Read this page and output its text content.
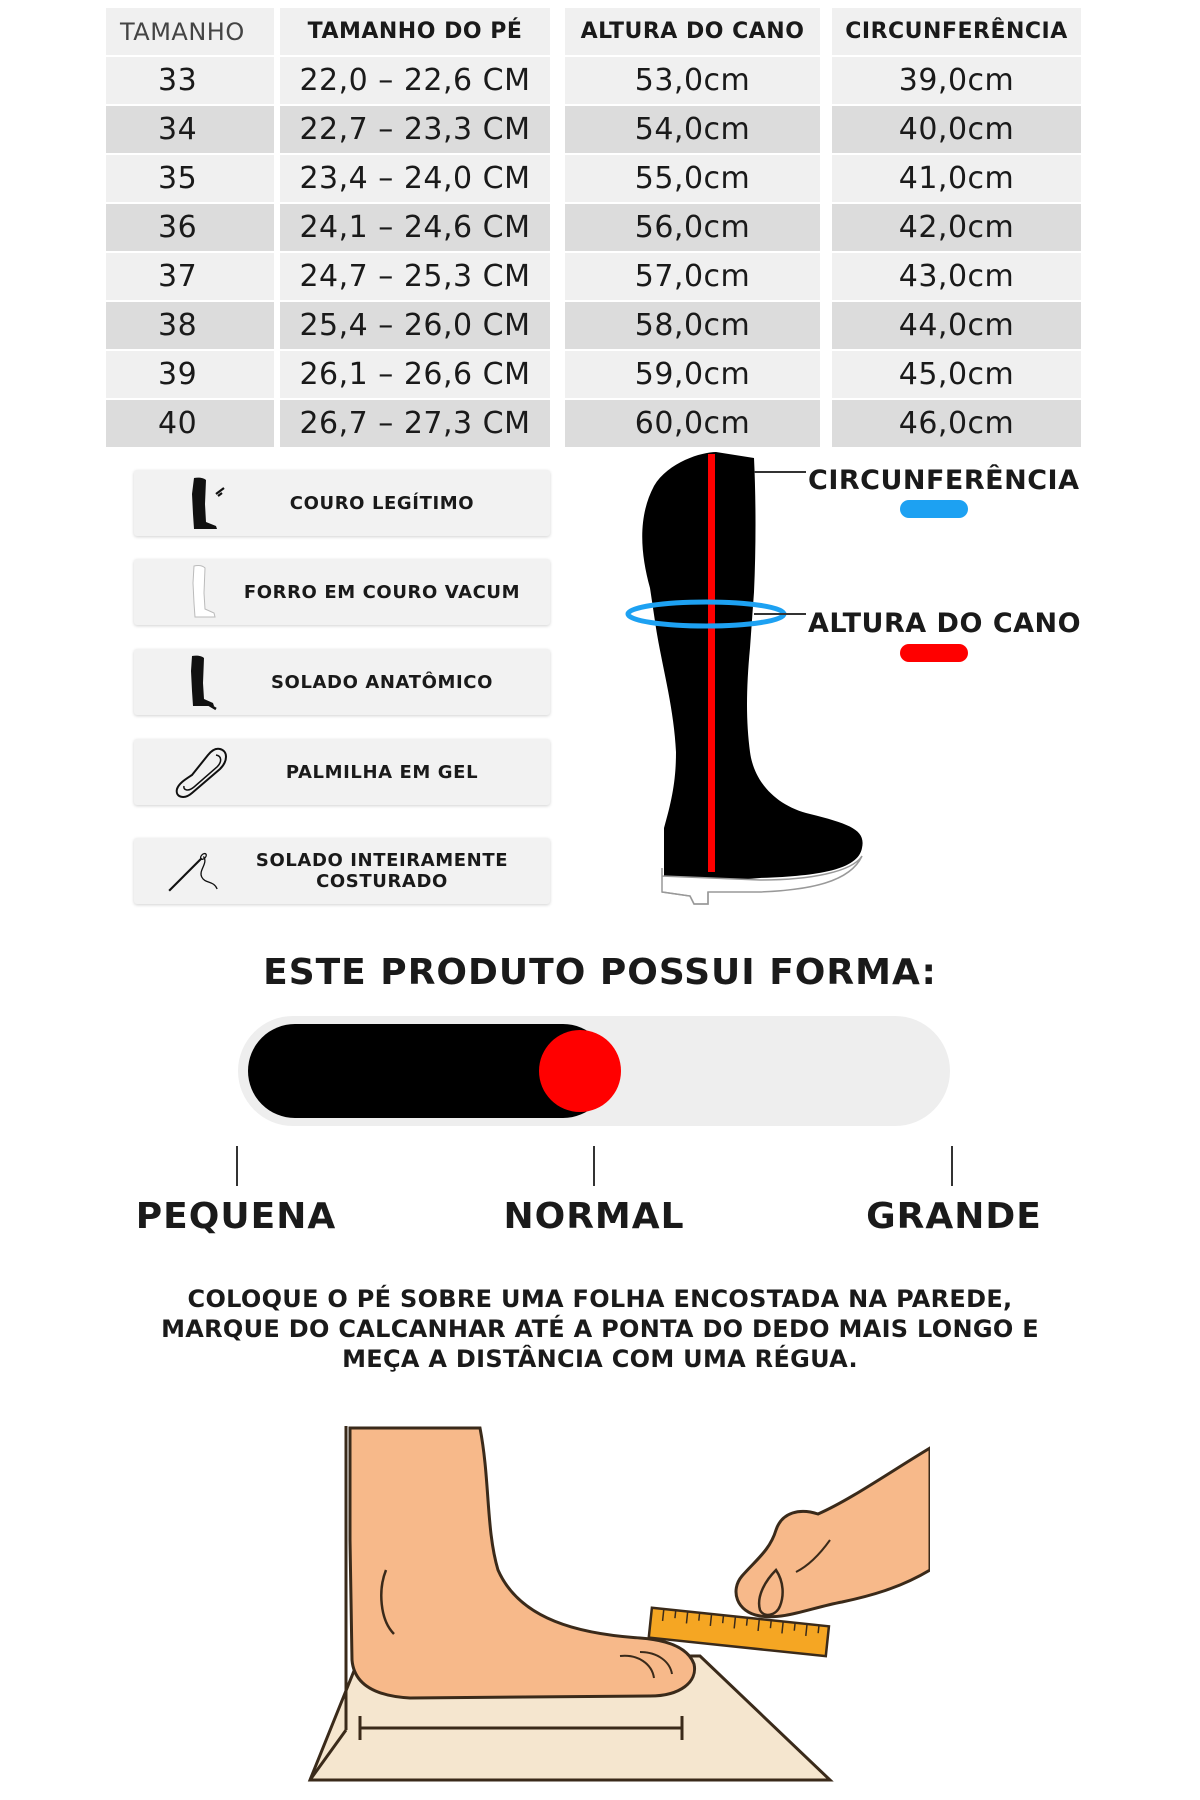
TAMANHO
33
34
35
36
37
38
39
40
TAMANHO DO PÉ
22,0 – 22,6 CM
22,7 – 23,3 CM
23,4 – 24,0 CM
24,1 – 24,6 CM
24,7 – 25,3 CM
25,4 – 26,0 CM
26,1 – 26,6 CM
26,7 – 27,3 CM
ALTURA DO CANO
53,0cm
54,0cm
55,0cm
56,0cm
57,0cm
58,0cm
59,0cm
60,0cm
CIRCUNFERÊNCIA
39,0cm
40,0cm
41,0cm
42,0cm
43,0cm
44,0cm
45,0cm
46,0cm
COURO LEGÍTIMO
FORRO EM COURO VACUM
SOLADO ANATÔMICO
PALMILHA EM GEL
SOLADO INTEIRAMENTE
COSTURADO
CIRCUNFERÊNCIA
ALTURA DO CANO
ESTE PRODUTO POSSUI FORMA:
PEQUENA	NORMAL	GRANDE
COLOQUE O PÉ SOBRE UMA FOLHA ENCOSTADA NA PAREDE,
MARQUE DO CALCANHAR ATÉ A PONTA DO DEDO MAIS LONGO E
MEÇA A DISTÂNCIA COM UMA RÉGUA.
